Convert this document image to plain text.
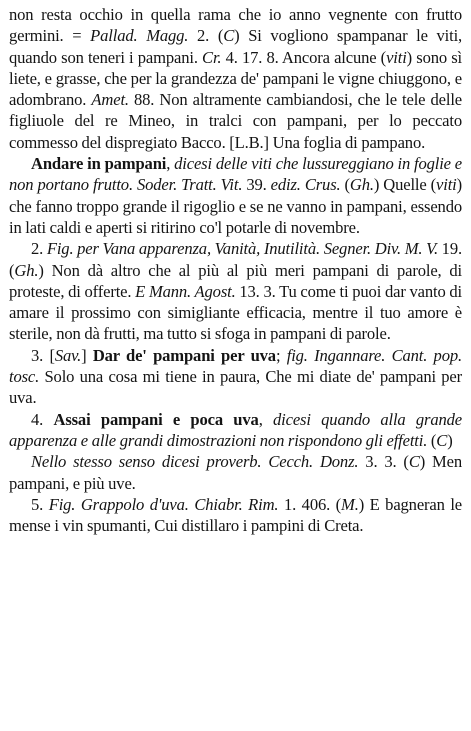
non resta occhio in quella rama che io anno vegnente con frutto germini. = Pallad. Magg. 2. (C) Si vogliono spampanar le viti, quando son teneri i pampani. Cr. 4. 17. 8. Ancora alcune (viti) sono sì liete, e grasse, che per la grandezza de' pampani le vigne chiuggono, e adombrano. Amet. 88. Non altramente cambiandosi, che le tele delle figliuole del re Mineo, in tralci con pampani, per lo peccato commesso del dispregiato Bacco. [L.B.] Una foglia di pampano.

Andare in pampani, dicesi delle viti che lussureggiano in foglie e non portano frutto. Soder. Tratt. Vit. 39. ediz. Crus. (Gh.) Quelle (viti) che fanno troppo grande il rigoglio e se ne vanno in pampani, essendo in lati caldi e aperti si ritirino co'l potarle di novembre.

2. Fig. per Vana apparenza, Vanità, Inutilità. Segner. Div. M. V. 19. (Gh.) Non dà altro che al più al più meri pampani di parole, di proteste, di offerte. E Mann. Agost. 13. 3. Tu come ti puoi dar vanto di amare il prossimo con simigliante efficacia, mentre il tuo amore è sterile, non dà frutti, ma tutto si sfoga in pampani di parole.

3. [Sav.] Dar de' pampani per uva; fig. Ingannare. Cant. pop. tosc. Solo una cosa mi tiene in paura, Che mi diate de' pampani per uva.

4. Assai pampani e poca uva, dicesi quando alla grande apparenza e alle grandi dimostrazioni non rispondono gli effetti. (C)

Nello stesso senso dicesi proverb. Cecch. Donz. 3. 3. (C) Men pampani, e più uve.

5. Fig. Grappolo d'uva. Chiabr. Rim. 1. 406. (M.) E bagneran le mense i vin spumanti, Cui distillaro i pampini di Creta.
